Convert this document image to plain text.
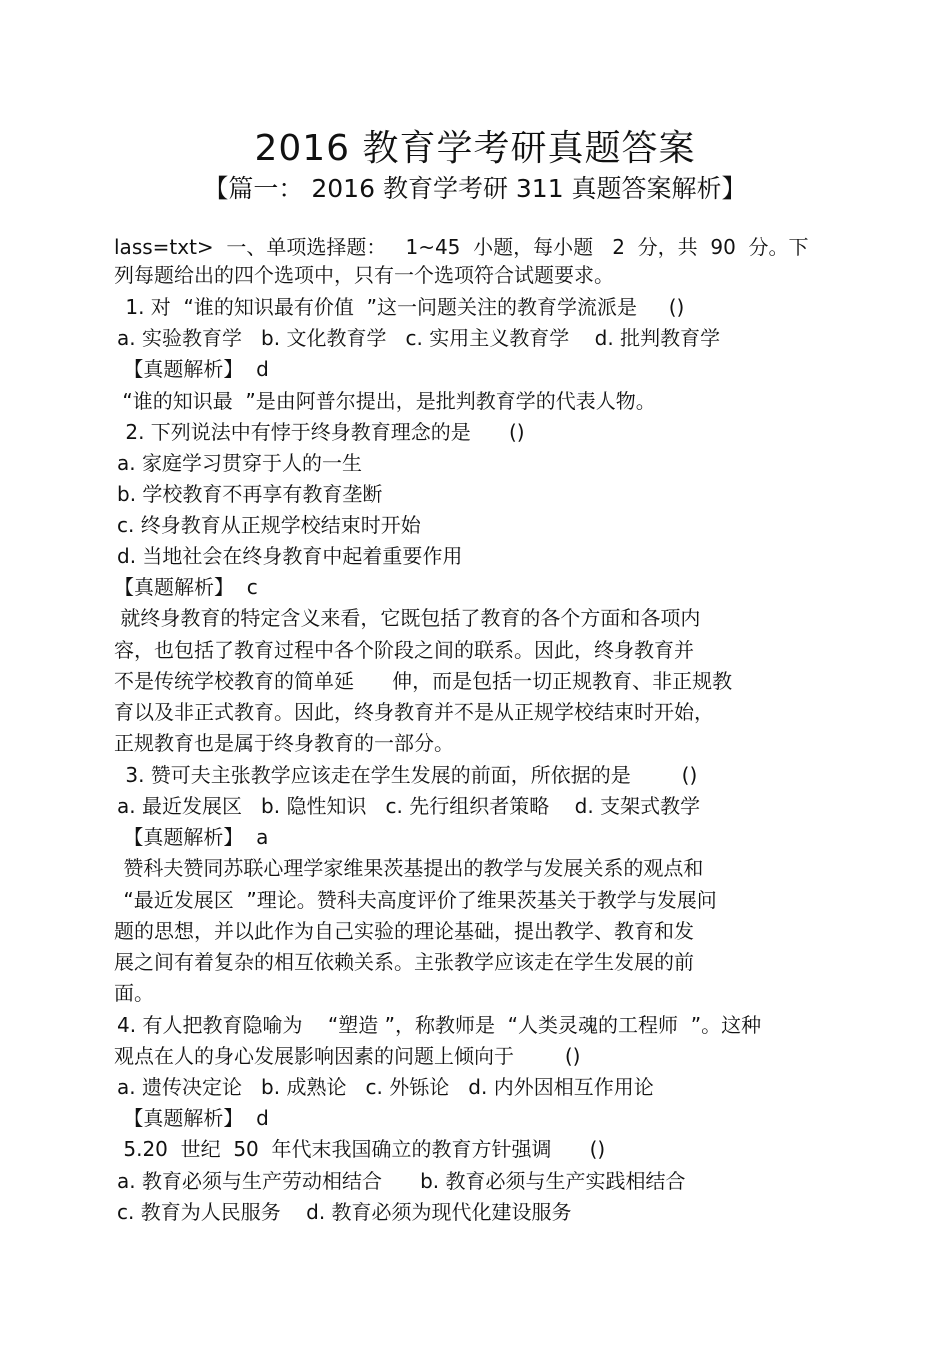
2016 教育学考研真题答案
【篇一： 2016 教育学考研 311 真题答案解析】
lass=txt>  一、单项选择题：   1~45  小题，每小题   2  分，共  90  分。下
列每题给出的四个选项中，只有一个选项符合试题要求。
1. 对  “谁的知识最有价值  ”这一问题关注的教育学流派是     ()
a. 实验教育学   b. 文化教育学   c. 实用主义教育学    d. 批判教育学
【真题解析】  d
“谁的知识最  ”是由阿普尔提出，是批判教育学的代表人物。
2. 下列说法中有悖于终身教育理念的是      ()
a. 家庭学习贯穿于人的一生
b. 学校教育不再享有教育垄断
c. 终身教育从正规学校结束时开始
d. 当地社会在终身教育中起着重要作用
【真题解析】  c
就终身教育的特定含义来看，它既包括了教育的各个方面和各项内
容，也包括了教育过程中各个阶段之间的联系。因此，终身教育并
不是传统学校教育的简单延      伸，而是包括一切正规教育、非正规教
育以及非正式教育。因此，终身教育并不是从正规学校结束时开始，
正规教育也是属于终身教育的一部分。
3. 赞可夫主张教学应该走在学生发展的前面，所依据的是        ()
a. 最近发展区   b. 隐性知识   c. 先行组织者策略    d. 支架式教学
【真题解析】  a
赞科夫赞同苏联心理学家维果茨基提出的教学与发展关系的观点和
“最近发展区  ”理论。赞科夫高度评价了维果茨基关于教学与发展问
题的思想，并以此作为自己实验的理论基础，提出教学、教育和发
展之间有着复杂的相互依赖关系。主张教学应该走在学生发展的前
面。
4. 有人把教育隐喻为    “塑造 ”，称教师是  “人类灵魂的工程师  ”。这种
观点在人的身心发展影响因素的问题上倾向于        ()
a. 遗传决定论   b. 成熟论   c. 外铄论   d. 内外因相互作用论
【真题解析】  d
5.20  世纪  50  年代末我国确立的教育方针强调      ()
a. 教育必须与生产劳动相结合      b. 教育必须与生产实践相结合
c. 教育为人民服务    d. 教育必须为现代化建设服务
